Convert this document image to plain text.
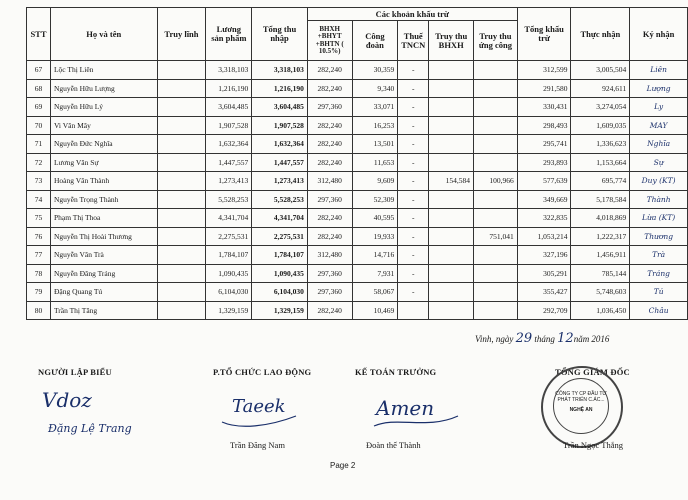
STT	Họ và tên	Truy lĩnh	Lương sản phẩm	Tổng thu nhập	Các khoản khấu trừ					Tổng khấu trừ	Thực nhận	Ký nhận
					BHXH +BHYT +BHTN ( 10.5%)	Công đoàn	Thuế TNCN	Truy thu BHXH	Truy thu ứng công			
67	Lộc Thị Liên		3,318,103	3,318,103	282,240	30,359	-			312,599	3,005,504	Liên
68	Nguyễn Hữu Lượng		1,216,190	1,216,190	282,240	9,340	-			291,580	924,611	Lượng
69	Nguyễn Hữu Lý		3,604,485	3,604,485	297,360	33,071	-			330,431	3,274,054	Ly
70	Vi Văn Mây		1,907,528	1,907,528	282,240	16,253	-			298,493	1,609,035	MAY
71	Nguyễn Đức Nghĩa		1,632,364	1,632,364	282,240	13,501	-			295,741	1,336,623	Nghĩa
72	Lương Văn Sự		1,447,557	1,447,557	282,240	11,653	-			293,893	1,153,664	Sự
73	Hoàng Văn Thành		1,273,413	1,273,413	312,480	9,609	-	154,584	100,966	577,639	695,774	Duy (KT)
74	Nguyễn Trọng Thành		5,528,253	5,528,253	297,360	52,309	-			349,669	5,178,584	Thành
75	Phạm Thị Thoa		4,341,704	4,341,704	282,240	40,595	-			322,835	4,018,869	Lừa (KT)
76	Nguyễn Thị Hoài Thương		2,275,531	2,275,531	282,240	19,933	-		751,041	1,053,214	1,222,317	Thương
77	Nguyễn Văn Trà		1,784,107	1,784,107	312,480	14,716	-			327,196	1,456,911	Trà
78	Nguyễn Đăng Tráng		1,090,435	1,090,435	297,360	7,931	-			305,291	785,144	Tráng
79	Đặng Quang Tú		6,104,030	6,104,030	297,360	58,067	-			355,427	5,748,603	Tú
80	Trần Thị Tăng		1,329,159	1,329,159	282,240	10,469				292,709	1,036,450	Châu
Vinh, ngày 29 tháng 12năm 2016
NGƯỜI LẬP BIỂU	P.TỔ CHỨC LAO ĐỘNG	KẾ TOÁN TRƯỞNG	TỔNG GIÁM ĐỐC
Vdoz
Đặng Lệ Trang
Taeek	Amen
CÔNG TY CP ĐẦU TƯ PHÁT TRIỂN C.ÁC...
NGHỆ AN
Trần Đăng Nam	Đoàn thế Thành	Trần Ngọc Thắng
Page 2
